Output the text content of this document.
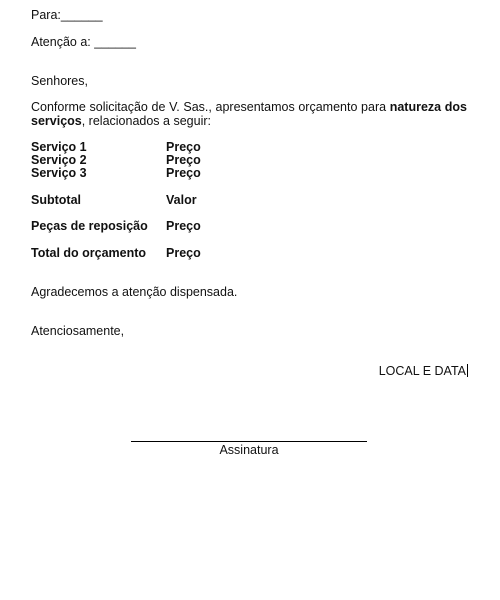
Para:______
Atenção a: ______
Senhores,
Conforme solicitação de V. Sas., apresentamos orçamento para natureza dos serviços, relacionados a seguir:
Serviço 1	Preço
Serviço 2	Preço
Serviço 3	Preço
Subtotal	Valor
Peças de reposição Preço
Total do orçamento Preço
Agradecemos a atenção dispensada.
Atenciosamente,
LOCAL E DATA
Assinatura
